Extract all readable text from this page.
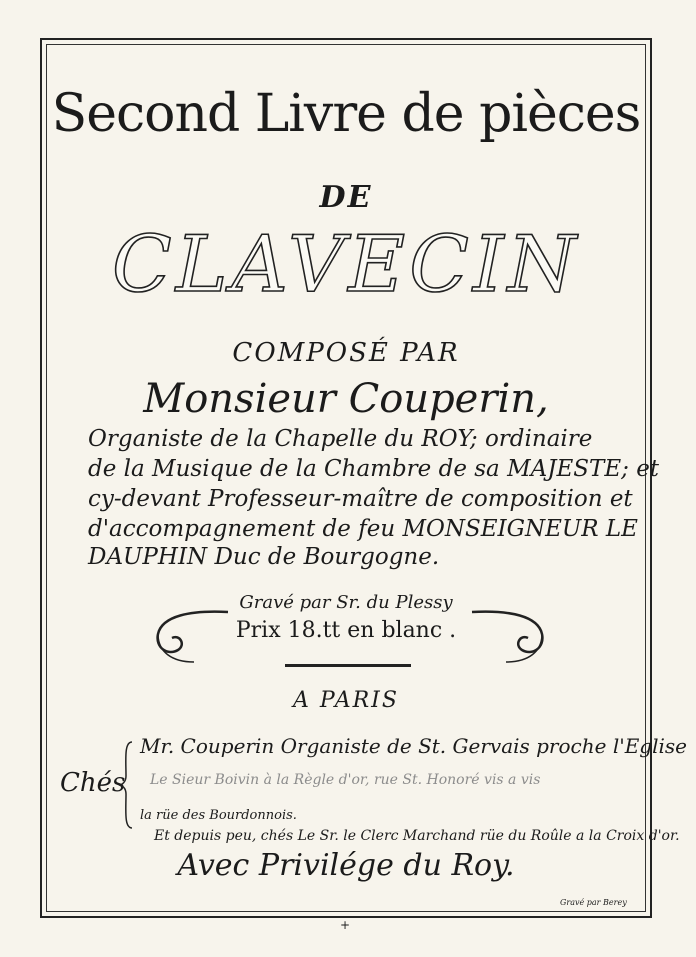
Second Livre de pièces
DE
CLAVECIN
COMPOSÉ PAR
Monsieur Couperin,
Organiste de la Chapelle du ROY; ordinaire
de la Musique de la Chambre de sa MAJESTE; et
cy-devant Professeur-maître de composition et
d'accompagnement de feu MONSEIGNEUR LE
DAUPHIN Duc de Bourgogne.
Gravé par Sr. du Plessy
Prix 18.tt en blanc .
A PARIS
Chés
Mr. Couperin Organiste de St. Gervais proche l'Eglise
Le Sieur Boivin à la Règle d'or, rue St. Honoré vis a vis
la rüe des Bourdonnois.
Et depuis peu, chés Le Sr. le Clerc Marchand rüe du Roûle a la Croix d'or.
Avec Privilége du Roy.
Gravé par Berey
+
